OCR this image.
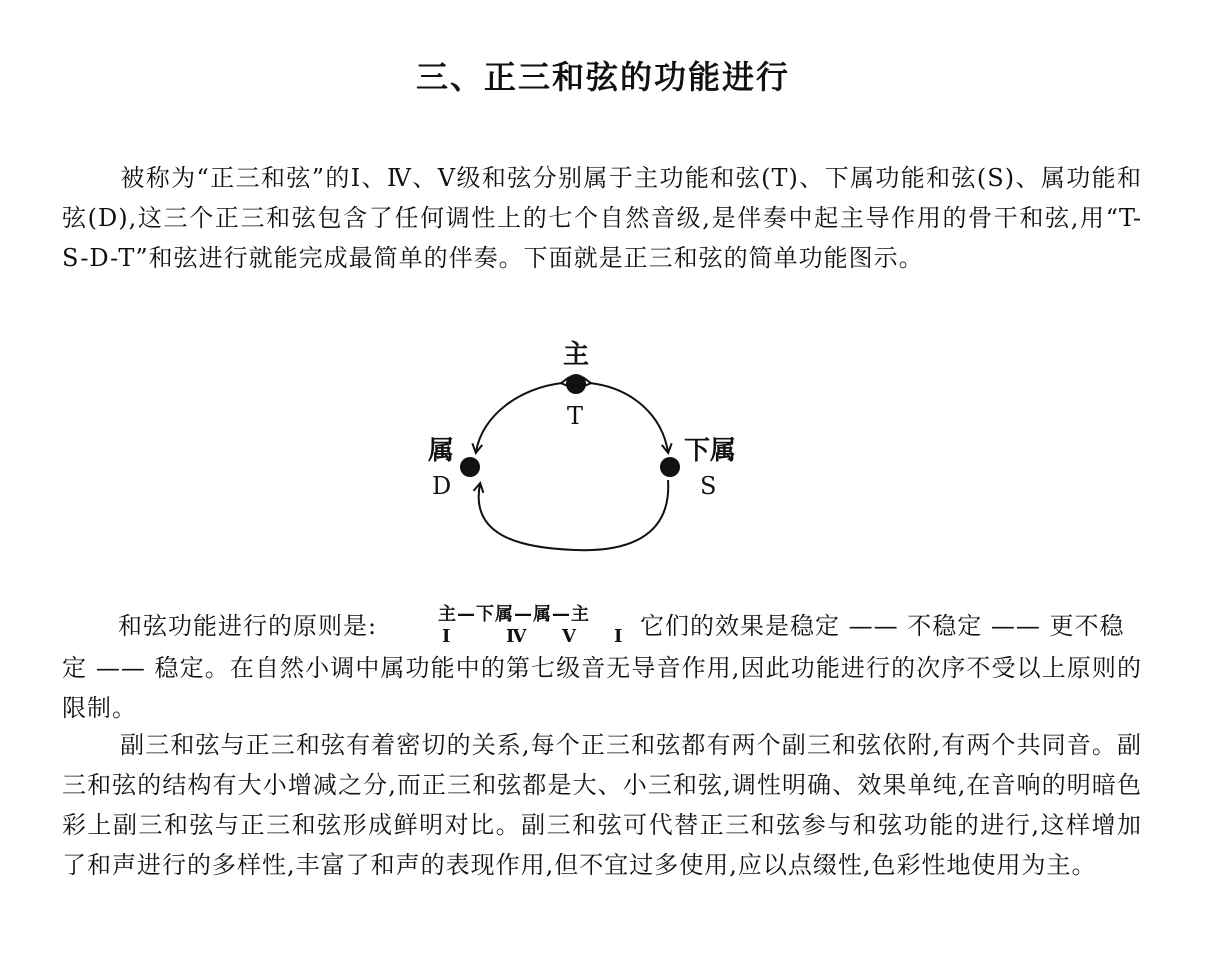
三、正三和弦的功能进行
被称为“正三和弦”的Ⅰ、Ⅳ、Ⅴ级和弦分别属于主功能和弦(T)、下属功能和弦(S)、属功能和弦(D),这三个正三和弦包含了任何调性上的七个自然音级,是伴奏中起主导作用的骨干和弦,用“T-S-D-T”和弦进行就能完成最简单的伴奏。下面就是正三和弦的简单功能图示。
主
T
属
D
下属
S
和弦功能进行的原则是:	主—下属—属—主
Ⅰ	Ⅳ Ⅴ Ⅰ 它们的效果是稳定 —— 不稳定 —— 更不稳
定 —— 稳定。在自然小调中属功能中的第七级音无导音作用,因此功能进行的次序不受以上原则的限制。
副三和弦与正三和弦有着密切的关系,每个正三和弦都有两个副三和弦依附,有两个共同音。副三和弦的结构有大小增减之分,而正三和弦都是大、小三和弦,调性明确、效果单纯,在音响的明暗色彩上副三和弦与正三和弦形成鲜明对比。副三和弦可代替正三和弦参与和弦功能的进行,这样增加了和声进行的多样性,丰富了和声的表现作用,但不宜过多使用,应以点缀性,色彩性地使用为主。
